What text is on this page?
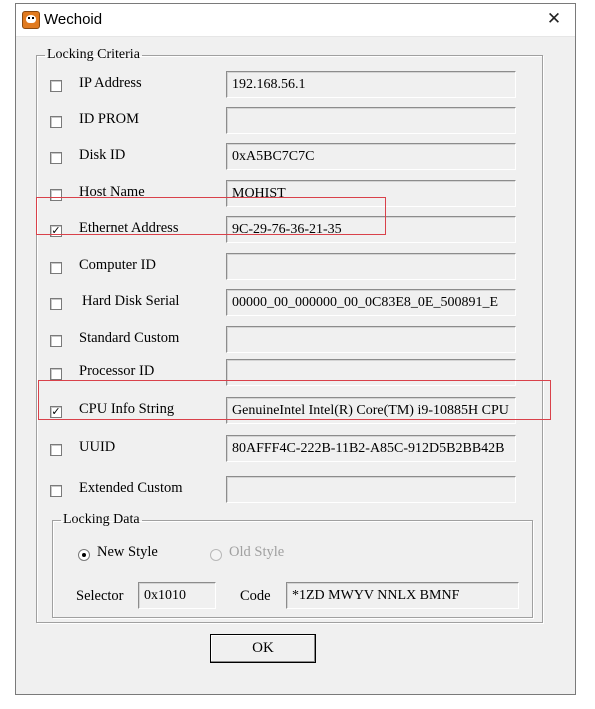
Wechoid	✕
Locking Criteria
IP Address	192.168.56.1
ID PROM
Disk ID	0xA5BC7C7C
Host Name	MOHIST
✓ Ethernet Address	9C-29-76-36-21-35
Computer ID
Hard Disk Serial	00000_00_000000_00_0C83E8_0E_500891_E
Standard Custom
Processor ID
✓ CPU Info String	GenuineIntel Intel(R) Core(TM) i9-10885H CPU
UUID	80AFFF4C-222B-11B2-A85C-912D5B2BB42B
Extended Custom
Locking Data
New Style	Old Style
Selector	0x1010	Code	*1ZD MWYV NNLX BMNF
OK
